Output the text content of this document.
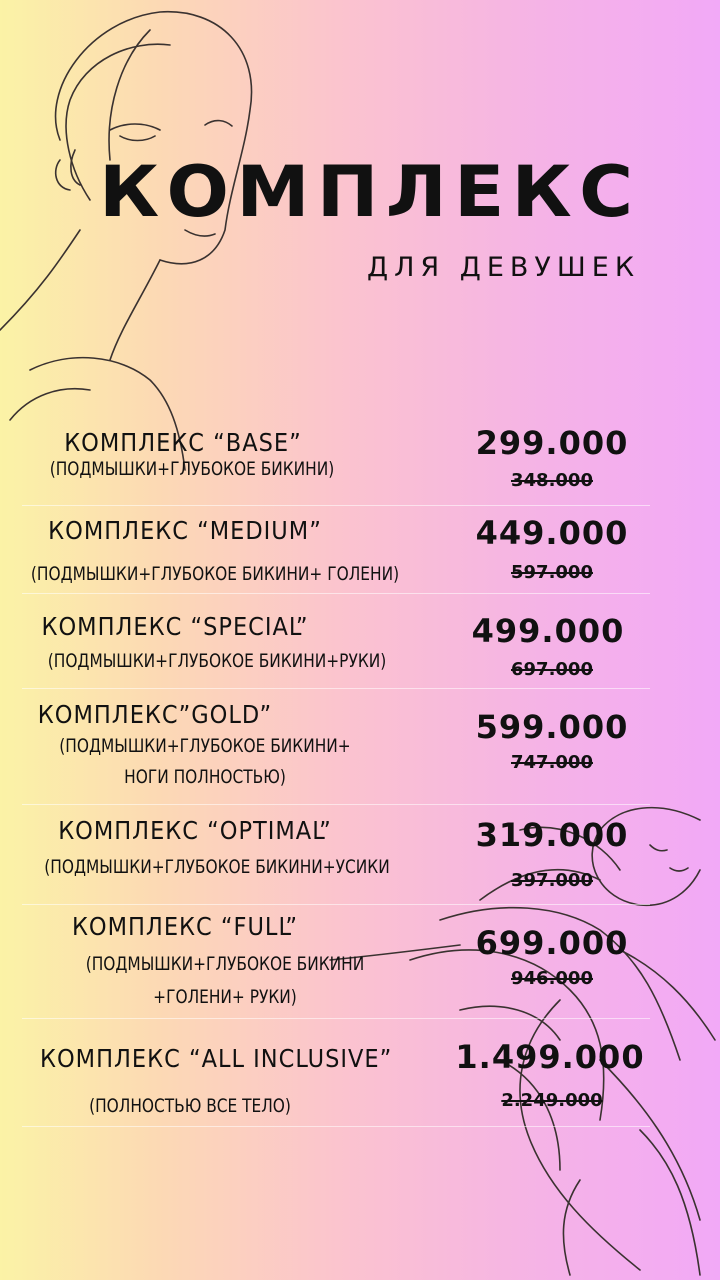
КОМПЛЕКС
ДЛЯ ДЕВУШЕК
КОМПЛЕКС “BASE”
(ПОДМЫШКИ+ГЛУБОКОЕ БИКИНИ)
299.000
348.000
КОМПЛЕКС “MEDIUM”
(ПОДМЫШКИ+ГЛУБОКОЕ БИКИНИ+ ГОЛЕНИ)
449.000
597.000
КОМПЛЕКС “SPECIAL”
(ПОДМЫШКИ+ГЛУБОКОЕ БИКИНИ+РУКИ)
499.000
697.000
КОМПЛЕКС”GOLD”
(ПОДМЫШКИ+ГЛУБОКОЕ БИКИНИ+
НОГИ ПОЛНОСТЬЮ)
599.000
747.000
КОМПЛЕКС “OPTIMAL”
(ПОДМЫШКИ+ГЛУБОКОЕ БИКИНИ+УСИКИ
319.000
397.000
КОМПЛЕКС “FULL”
(ПОДМЫШКИ+ГЛУБОКОЕ БИКИНИ
+ГОЛЕНИ+ РУКИ)
699.000
946.000
КОМПЛЕКС “ALL INCLUSIVE”
(ПОЛНОСТЬЮ ВСЕ ТЕЛО)
1.499.000
2.249.000
